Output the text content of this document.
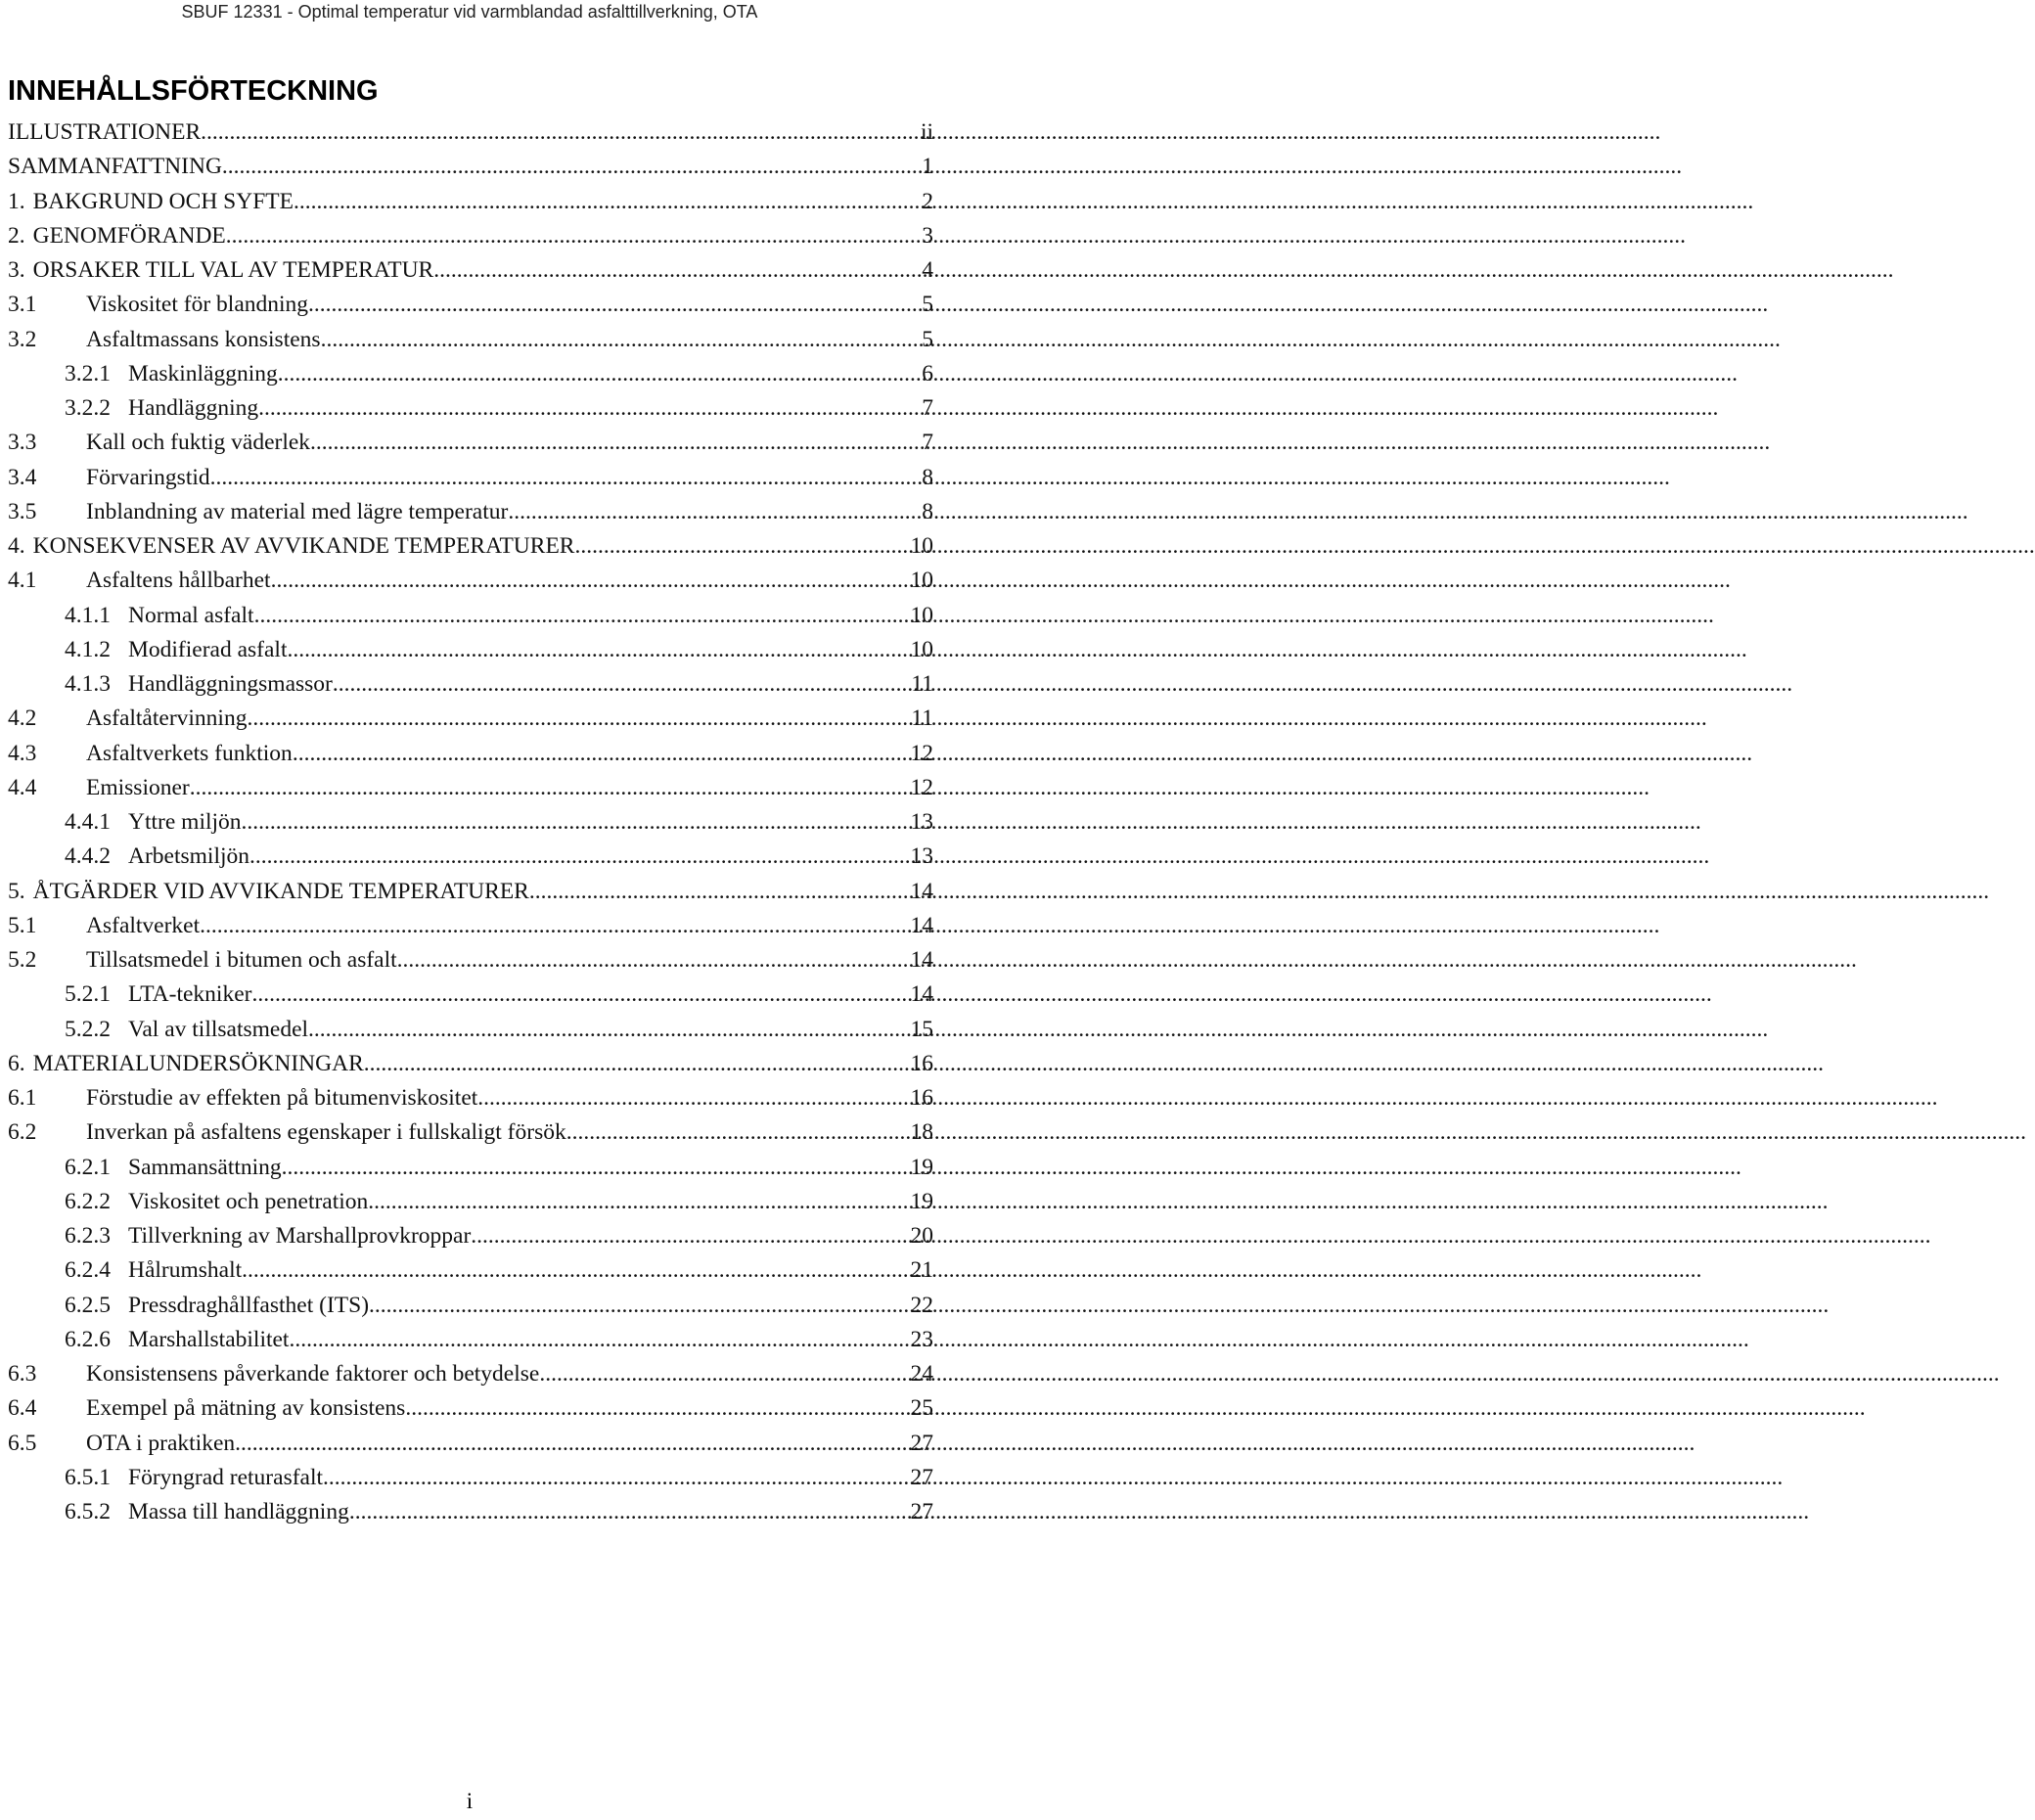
SBUF 12331 - Optimal temperatur vid varmblandad asfalttillverkning, OTA
INNEHÅLLSFÖRTECKNING
ILLUSTRATIONER .....	ii
SAMMANFATTNING .....	1
1. BAKGRUND OCH SYFTE .....	2
2. GENOMFÖRANDE .....	3
3. ORSAKER TILL VAL AV TEMPERATUR .....	4
3.1	Viskositet för blandning .....	5
3.2	Asfaltmassans konsistens .....	5
3.2.1 Maskinläggning .....	6
3.2.2 Handläggning .....	7
3.3	Kall och fuktig väderlek .....	7
3.4	Förvaringstid .....	8
3.5	Inblandning av material med lägre temperatur .....	8
4. KONSEKVENSER AV AVVIKANDE TEMPERATURER .....	10
4.1	Asfaltens hållbarhet .....	10
4.1.1 Normal asfalt .....	10
4.1.2 Modifierad asfalt .....	10
4.1.3 Handläggningsmassor .....	11
4.2	Asfaltåtervinning .....	11
4.3	Asfaltverkets funktion .....	12
4.4	Emissioner .....	12
4.4.1 Yttre miljön .....	13
4.4.2 Arbetsmiljön .....	13
5. ÅTGÄRDER VID AVVIKANDE TEMPERATURER .....	14
5.1	Asfaltverket .....	14
5.2	Tillsatsmedel i bitumen och asfalt .....	14
5.2.1 LTA-tekniker .....	14
5.2.2 Val av tillsatsmedel .....	15
6. MATERIALUNDERSÖKNINGAR .....	16
6.1	Förstudie av effekten på bitumenviskositet .....	16
6.2	Inverkan på asfaltens egenskaper i fullskaligt försök .....	18
6.2.1 Sammansättning .....	19
6.2.2 Viskositet och penetration .....	19
6.2.3 Tillverkning av Marshallprovkroppar .....	20
6.2.4 Hålrumshalt .....	21
6.2.5 Pressdraghållfasthet (ITS) .....	22
6.2.6 Marshallstabilitet .....	23
6.3	Konsistensens påverkande faktorer och betydelse .....	24
6.4	Exempel på mätning av konsistens .....	25
6.5	OTA i praktiken .....	27
6.5.1 Föryngrad returasfalt .....	27
6.5.2 Massa till handläggning .....	27
i
